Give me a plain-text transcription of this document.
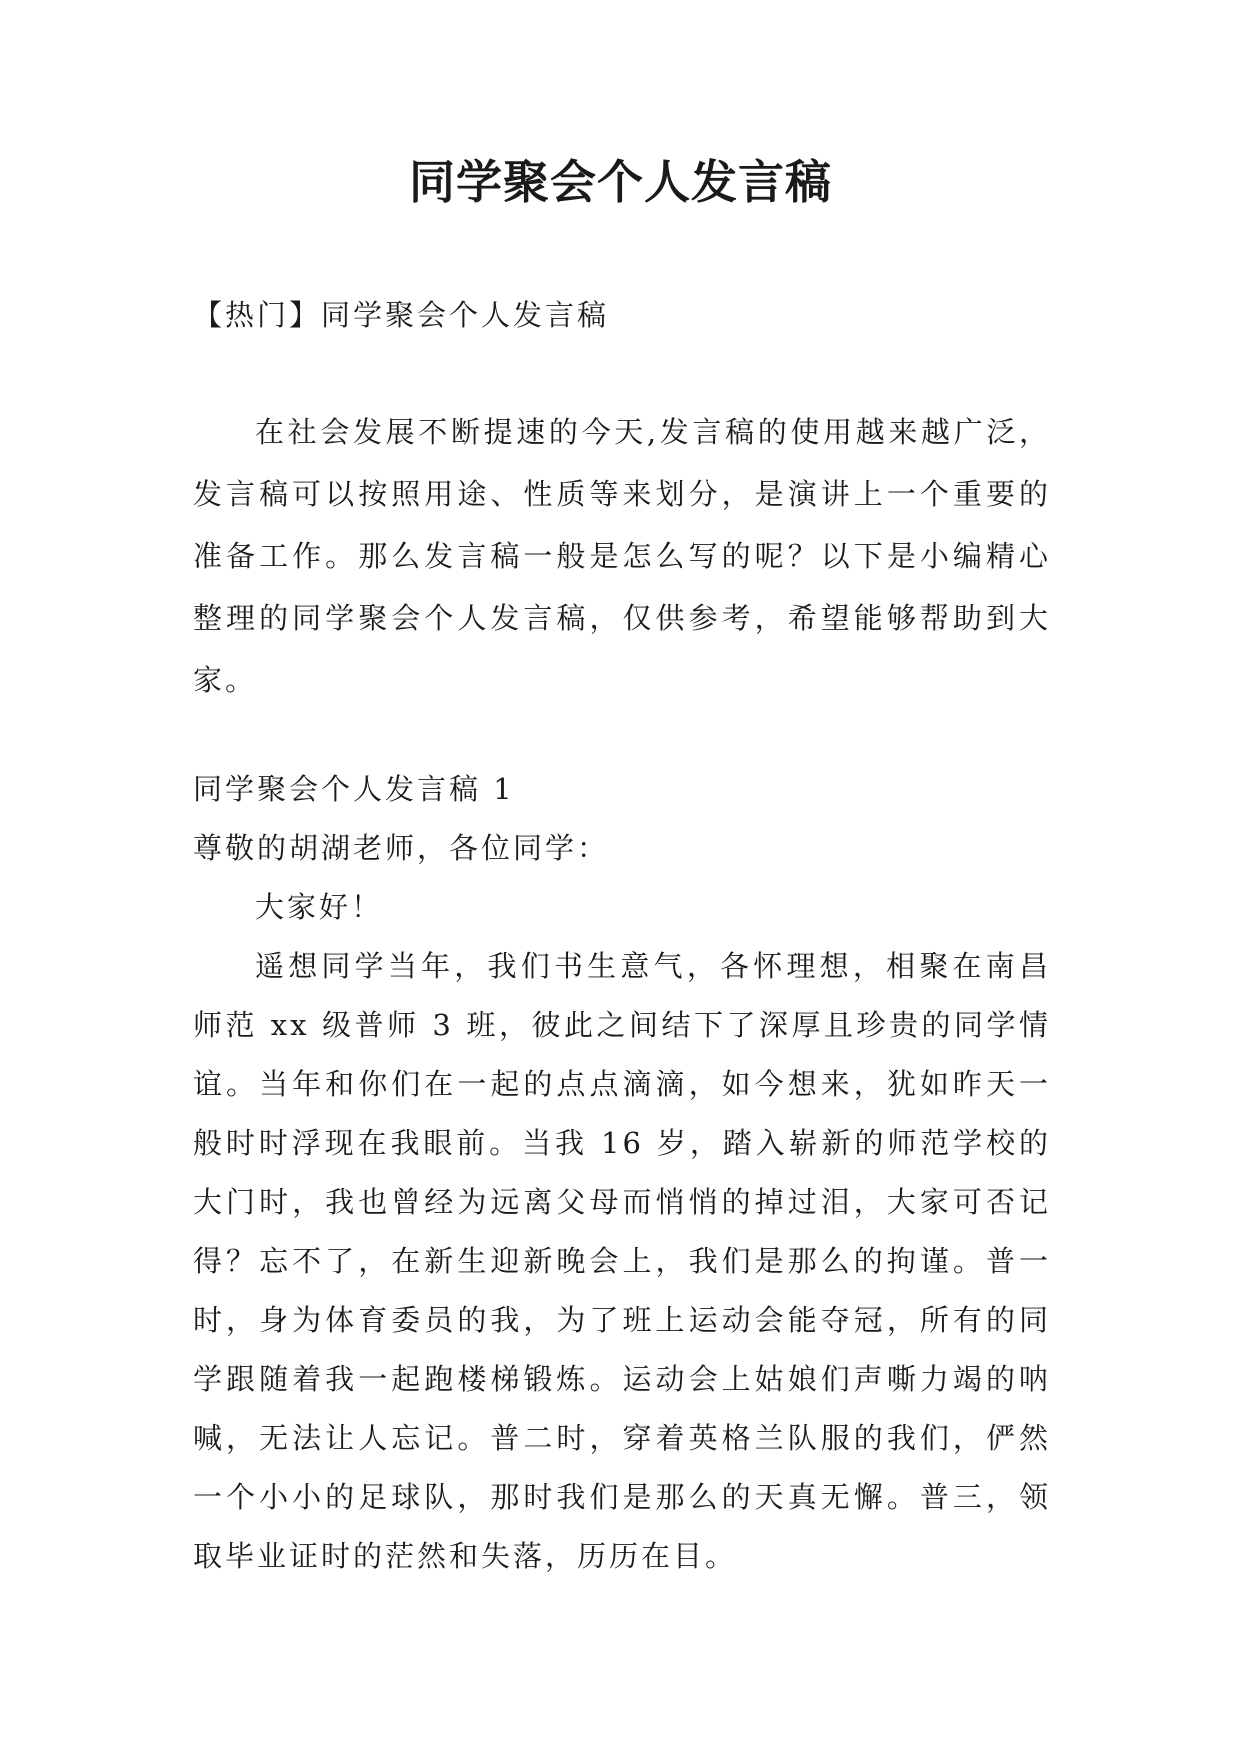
同学聚会个人发言稿
【热门】同学聚会个人发言稿

在社会发展不断提速的今天,发言稿的使用越来越广泛，发言稿可以按照用途、性质等来划分，是演讲上一个重要的准备工作。那么发言稿一般是怎么写的呢？以下是小编精心整理的同学聚会个人发言稿，仅供参考，希望能够帮助到大家。

同学聚会个人发言稿 1

尊敬的胡湖老师，各位同学：

大家好！

遥想同学当年，我们书生意气，各怀理想，相聚在南昌师范 xx 级普师 3 班，彼此之间结下了深厚且珍贵的同学情谊。当年和你们在一起的点点滴滴，如今想来，犹如昨天一般时时浮现在我眼前。当我 16 岁，踏入崭新的师范学校的大门时，我也曾经为远离父母而悄悄的掉过泪，大家可否记得？忘不了，在新生迎新晚会上，我们是那么的拘谨。普一时，身为体育委员的我，为了班上运动会能夺冠，所有的同学跟随着我一起跑楼梯锻炼。运动会上姑娘们声嘶力竭的呐喊，无法让人忘记。普二时，穿着英格兰队服的我们，俨然一个小小的足球队，那时我们是那么的天真无懈。普三，领取毕业证时的茫然和失落，历历在目。
